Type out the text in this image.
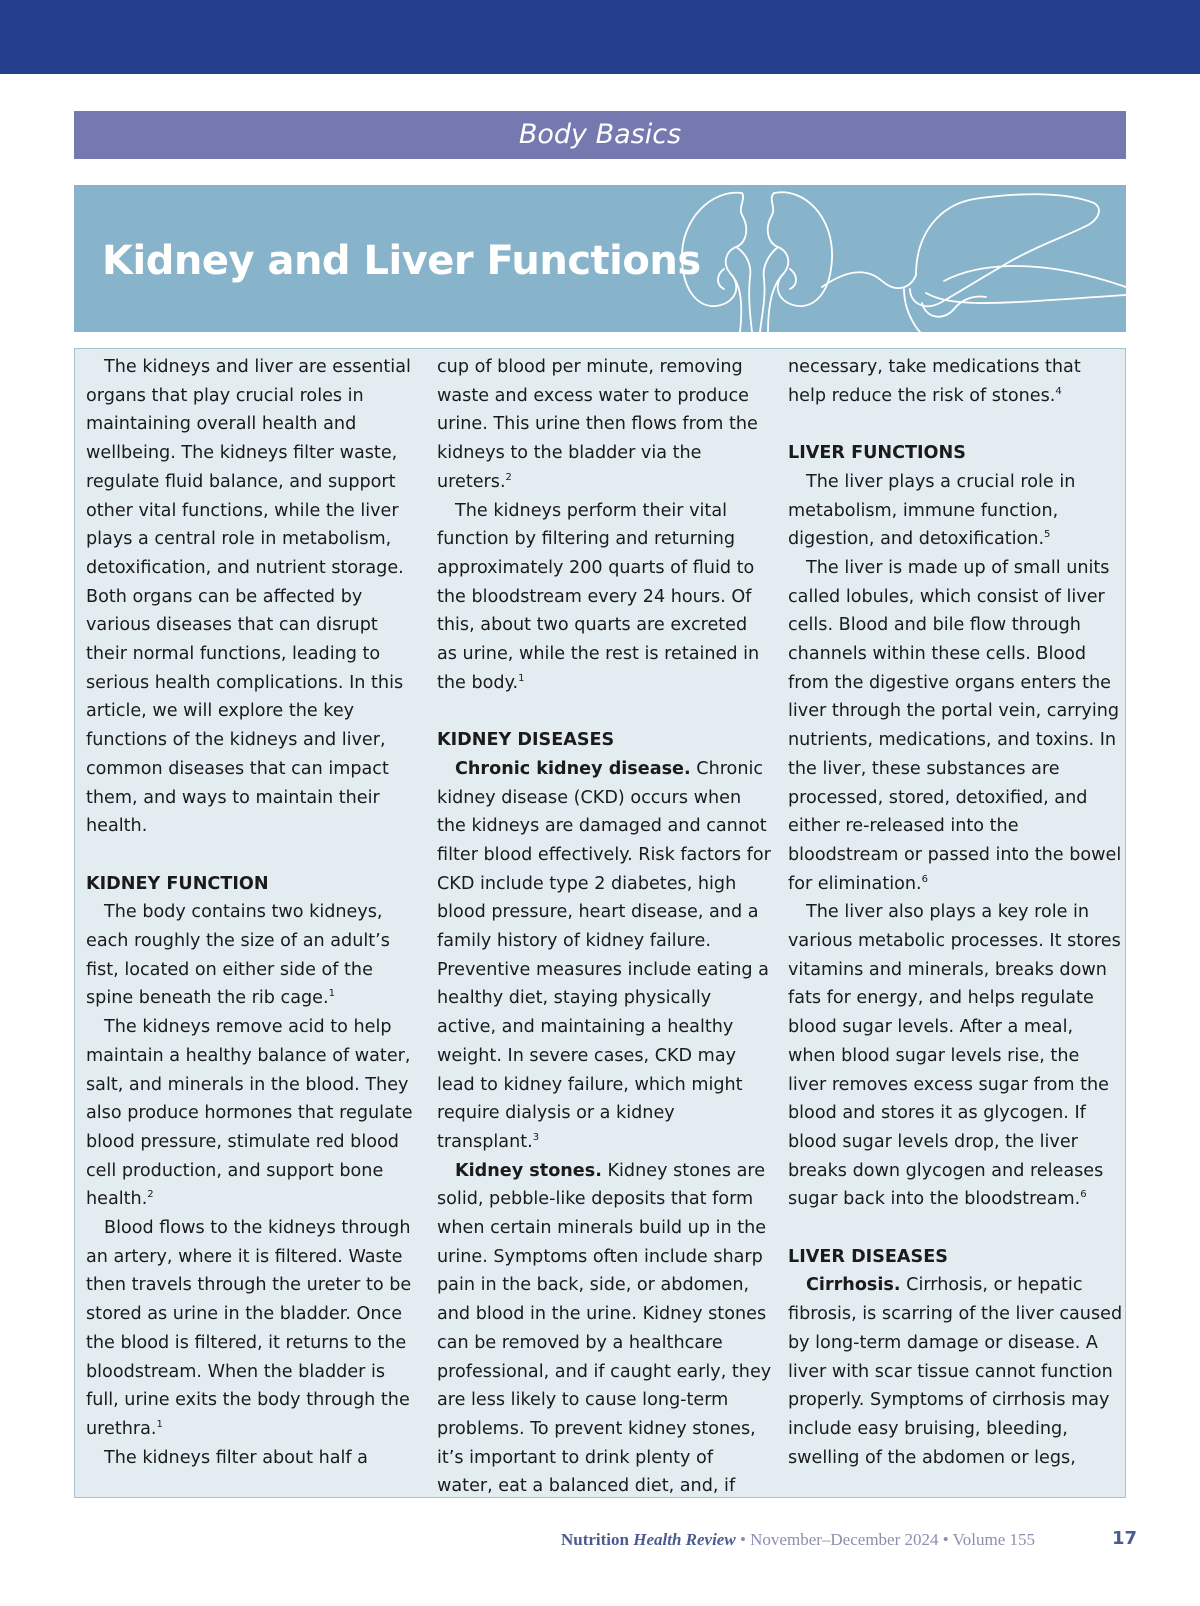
Body Basics
Kidney and Liver Functions

The kidneys and liver are essential organs that play crucial roles in maintaining overall health and wellbeing. The kidneys filter waste, regulate fluid balance, and support other vital functions, while the liver plays a central role in metabolism, detoxification, and nutrient storage. Both organs can be affected by various diseases that can disrupt their normal functions, leading to serious health complications. In this article, we will explore the key functions of the kidneys and liver, common diseases that can impact them, and ways to maintain their health.

KIDNEY FUNCTION

The body contains two kidneys, each roughly the size of an adult’s fist, located on either side of the spine beneath the rib cage.$^1$

The kidneys remove acid to help maintain a healthy balance of water, salt, and minerals in the blood. They also produce hormones that regulate blood pressure, stimulate red blood cell production, and support bone health.$^2$

Blood flows to the kidneys through an artery, where it is filtered. Waste then travels through the ureter to be stored as urine in the bladder. Once the blood is filtered, it returns to the bloodstream. When the bladder is full, urine exits the body through the urethra.$^1$

The kidneys filter about half a

cup of blood per minute, removing waste and excess water to produce urine. This urine then flows from the kidneys to the bladder via the ureters.$^2$

The kidneys perform their vital function by filtering and returning approximately 200 quarts of fluid to the bloodstream every 24 hours. Of this, about two quarts are excreted as urine, while the rest is retained in the body.$^1$

KIDNEY DISEASES

Chronic kidney disease. Chronic kidney disease (CKD) occurs when the kidneys are damaged and cannot filter blood effectively. Risk factors for CKD include type 2 diabetes, high blood pressure, heart disease, and a family history of kidney failure. Preventive measures include eating a healthy diet, staying physically active, and maintaining a healthy weight. In severe cases, CKD may lead to kidney failure, which might require dialysis or a kidney transplant.$^3$

Kidney stones. Kidney stones are solid, pebble-like deposits that form when certain minerals build up in the urine. Symptoms often include sharp pain in the back, side, or abdomen, and blood in the urine. Kidney stones can be removed by a healthcare professional, and if caught early, they are less likely to cause long-term problems. To prevent kidney stones, it’s important to drink plenty of water, eat a balanced diet, and, if

necessary, take medications that help reduce the risk of stones.$^4$

LIVER FUNCTIONS

The liver plays a crucial role in metabolism, immune function, digestion, and detoxification.$^5$

The liver is made up of small units called lobules, which consist of liver cells. Blood and bile flow through channels within these cells. Blood from the digestive organs enters the liver through the portal vein, carrying nutrients, medications, and toxins. In the liver, these substances are processed, stored, detoxified, and either re-released into the bloodstream or passed into the bowel for elimination.$^6$

The liver also plays a key role in various metabolic processes. It stores vitamins and minerals, breaks down fats for energy, and helps regulate blood sugar levels. After a meal, when blood sugar levels rise, the liver removes excess sugar from the blood and stores it as glycogen. If blood sugar levels drop, the liver breaks down glycogen and releases sugar back into the bloodstream.$^6$

LIVER DISEASES

Cirrhosis. Cirrhosis, or hepatic fibrosis, is scarring of the liver caused by long-term damage or disease. A liver with scar tissue cannot function properly. Symptoms of cirrhosis may include easy bruising, bleeding, swelling of the abdomen or legs,

Nutrition Health Review • November–December 2024 • Volume 155	17
